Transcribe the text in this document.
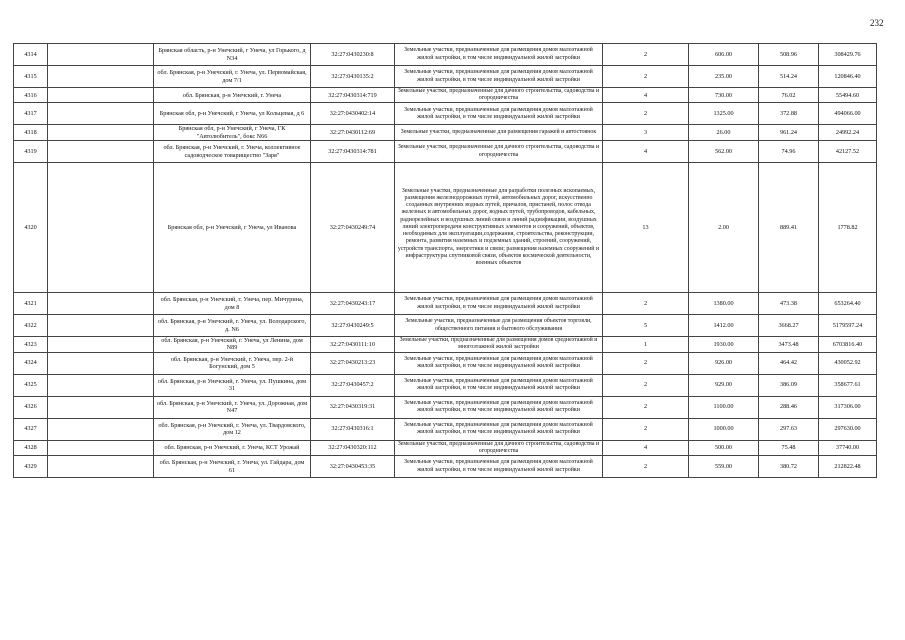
232
4314		Брянская область, р-н Унечский, г Унеча, ул Горького, д N34	32:27:0430230:8	Земельные участки, предназначенные для размещения домов малоэтажной жилой застройки, в том числе индивидуальной жилой застройки	2	606.00	508.96	308429.76
4315		обл. Брянская, р-н Унечский, г. Унеча, ул. Первомайская, дом 7/1	32:27:0430135:2	Земельные участки, предназначенные для размещения домов малоэтажной жилой застройки, в том числе индивидуальной жилой застройки	2	235.00	514.24	120846.40
4316		обл. Брянская, р-н Унечский, г. Унеча	32:27:0430314:719	Земельные участки, предназначенные для дачного строительства, садоводства и огородничества	4	730.00	76.02	55494.60
4317		Брянская обл, р-н Унечский, г Унеча, ул Кольцевая, д 6	32:27:0430402:14	Земельные участки, предназначенные для размещения домов малоэтажной жилой застройки, в том числе индивидуальной жилой застройки	2	1325.00	372.88	494066.00
4318		Брянская обл, р-н Унечский, г Унеча, ГК "Автолюбитель", бокс N66	32:27:0430112:69	Земельные участки, предназначенные для размещения гаражей и автостоянок	3	26.00	961.24	24992.24
4319		обл. Брянская, р-н Унечский, г. Унеча, коллективное садоводческое товарищество "Заря"	32:27:0430314:781	Земельные участки, предназначенные для дачного строительства, садоводства и огородничества	4	562.00	74.96	42127.52
4320		Брянская обл, р-н Унечский, г Унеча, ул Иванова	32:27:0430249:74	Земельные участки, предназначенные для разработки полезных ископаемых, размещения железнодорожных путей, автомобильных дорог, искусственно созданных внутренних водных путей, причалов, пристаней, полос отвода железных и автомобильных дорог, водных путей, трубопроводов, кабельных, радиорелейных и воздушных линий связи и линий радиофикации, воздушных линий электропередачи конструктивных элементов и сооружений, объектов, необходимых для эксплуатации,содержания, строительства, реконструкции, ремонта, развития наземных и подземных зданий, строений, сооружений, устройств транспорта, энергетики и связи; размещения наземных сооружений и инфраструктуры спутниковой связи, объектов космической деятельности, военных объектов	13	2.00	889.41	1778.82
4321		обл. Брянская, р-н Унечский, г. Унеча, пер. Мичурина, дом 8	32:27:0430243:17	Земельные участки, предназначенные для размещения домов малоэтажной жилой застройки, в том числе индивидуальной жилой застройки	2	1380.00	473.38	653264.40
4322		обл. Брянская, р-н Унечский, г. Унеча, ул. Володарского, д. N6	32:27:0430249:5	Земельные участки, предназначенные для размещения объектов торговли, общественного питания и бытового обслуживания	5	1412.00	3668.27	5179597.24
4323		обл. Брянская, р-н Унечский, г. Унеча, ул Ленина, дом N89	32:27:0430111:10	Земельные участки, предназначенные для размещения домов среднеэтажной и многоэтажной жилой застройки	1	1930.00	3473.48	6703816.40
4324		обл. Брянская, р-н Унечский, г. Унеча, пер. 2-й Богунский, дом 5	32:27:0430213:23	Земельные участки, предназначенные для размещения домов малоэтажной жилой застройки, в том числе индивидуальной жилой застройки	2	926.00	464.42	430052.92
4325		обл. Брянская, р-н Унечский, г. Унеча, ул. Пушкина, дом 31	32:27:0430457:2	Земельные участки, предназначенные для размещения домов малоэтажной жилой застройки, в том числе индивидуальной жилой застройки	2	929.00	386.09	358677.61
4326		обл. Брянская, р-н Унечский, г. Унеча, ул. Дорожная, дом N47	32:27:0430319:31	Земельные участки, предназначенные для размещения домов малоэтажной жилой застройки, в том числе индивидуальной жилой застройки	2	1100.00	288.46	317306.00
4327		обл. Брянская, р-н Унечский, г. Унеча, ул. Твардовского, дом 12	32:27:0430316:1	Земельные участки, предназначенные для размещения домов малоэтажной жилой застройки, в том числе индивидуальной жилой застройки	2	1000.00	297.63	297630.00
4328		обл. Брянская, р-н Унечский, г. Унеча, КСТ Урожай	32:27:0430320:112	Земельные участки, предназначенные для дачного строительства, садоводства и огородничества	4	500.00	75.48	37740.00
4329		обл. Брянская, р-н Унечский, г. Унеча, ул. Гайдара, дом 61	32:27:0430453:35	Земельные участки, предназначенные для размещения домов малоэтажной жилой застройки, в том числе индивидуальной жилой застройки	2	559.00	380.72	212822.48
